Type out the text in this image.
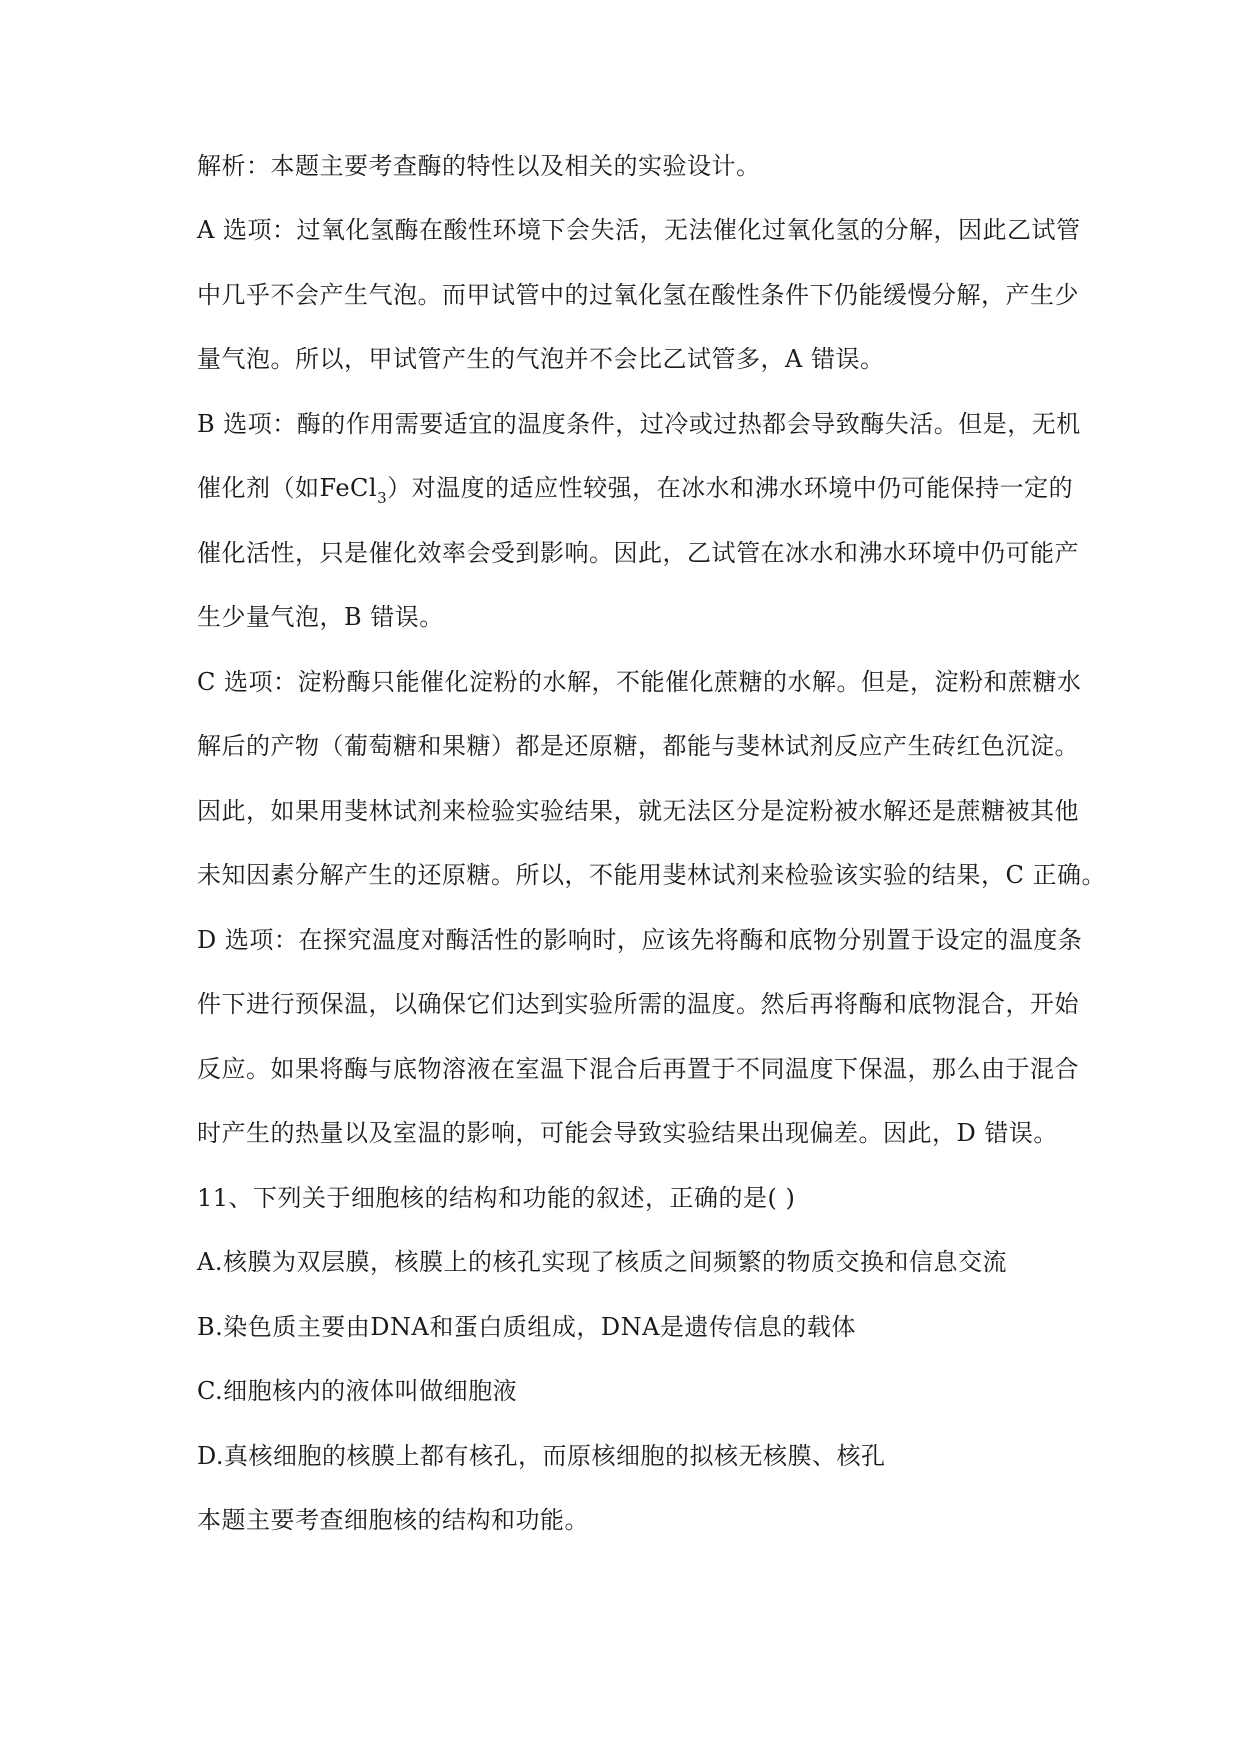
解析：本题主要考查酶的特性以及相关的实验设计。
A 选项：过氧化氢酶在酸性环境下会失活，无法催化过氧化氢的分解，因此乙试管
中几乎不会产生气泡。而甲试管中的过氧化氢在酸性条件下仍能缓慢分解，产生少
量气泡。所以，甲试管产生的气泡并不会比乙试管多，A 错误。
B 选项：酶的作用需要适宜的温度条件，过冷或过热都会导致酶失活。但是，无机
催化剂（如FeCl$_3$）对温度的适应性较强，在冰水和沸水环境中仍可能保持一定的
催化活性，只是催化效率会受到影响。因此，乙试管在冰水和沸水环境中仍可能产
生少量气泡，B 错误。
C 选项：淀粉酶只能催化淀粉的水解，不能催化蔗糖的水解。但是，淀粉和蔗糖水
解后的产物（葡萄糖和果糖）都是还原糖，都能与斐林试剂反应产生砖红色沉淀。
因此，如果用斐林试剂来检验实验结果，就无法区分是淀粉被水解还是蔗糖被其他
未知因素分解产生的还原糖。所以，不能用斐林试剂来检验该实验的结果，C 正确。
D 选项：在探究温度对酶活性的影响时，应该先将酶和底物分别置于设定的温度条
件下进行预保温，以确保它们达到实验所需的温度。然后再将酶和底物混合，开始
反应。如果将酶与底物溶液在室温下混合后再置于不同温度下保温，那么由于混合
时产生的热量以及室温的影响，可能会导致实验结果出现偏差。因此，D 错误。
11、下列关于细胞核的结构和功能的叙述，正确的是( )
A.核膜为双层膜，核膜上的核孔实现了核质之间频繁的物质交换和信息交流
B.染色质主要由DNA和蛋白质组成，DNA是遗传信息的载体
C.细胞核内的液体叫做细胞液
D.真核细胞的核膜上都有核孔，而原核细胞的拟核无核膜、核孔
本题主要考查细胞核的结构和功能。
